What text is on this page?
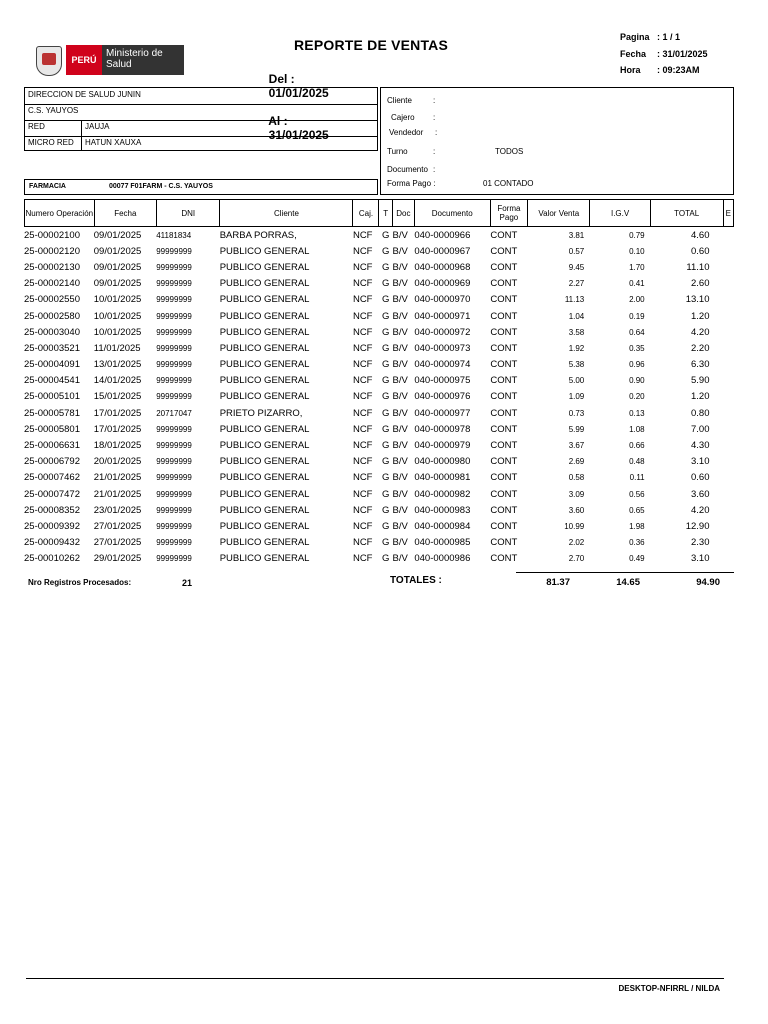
PERÚ
Ministerio de Salud
REPORTE DE VENTAS

Del :
01/01/2025

Al :
31/01/2025

Pagina : 1 / 1
Fecha : 31/01/2025
Hora : 09:23AM
DIRECCION DE SALUD JUNIN
C.S. YAUYOS
RED	JAUJA
MICRO RED HATUN XAUXA
FARMACIA	00077 F01FARM - C.S. YAUYOS
Cliente	:
Cajero :
Vendedor :
Turno	:	TODOS
Documento :
Forma Pago :	01 CONTADO
Numero Operación	Fecha	DNI	Cliente	Caj.	T	Doc	Documento	Forma Pago	Valor Venta	I.G.V	TOTAL	E
25-00002100	09/01/2025	41181834	BARBA PORRAS,	NCF	G	B/V	040-0000966	CONT	3.81	0.79	4.60	
25-00002120	09/01/2025	99999999	PUBLICO GENERAL	NCF	G	B/V	040-0000967	CONT	0.57	0.10	0.60	
25-00002130	09/01/2025	99999999	PUBLICO GENERAL	NCF	G	B/V	040-0000968	CONT	9.45	1.70	11.10	
25-00002140	09/01/2025	99999999	PUBLICO GENERAL	NCF	G	B/V	040-0000969	CONT	2.27	0.41	2.60	
25-00002550	10/01/2025	99999999	PUBLICO GENERAL	NCF	G	B/V	040-0000970	CONT	11.13	2.00	13.10	
25-00002580	10/01/2025	99999999	PUBLICO GENERAL	NCF	G	B/V	040-0000971	CONT	1.04	0.19	1.20	
25-00003040	10/01/2025	99999999	PUBLICO GENERAL	NCF	G	B/V	040-0000972	CONT	3.58	0.64	4.20	
25-00003521	11/01/2025	99999999	PUBLICO GENERAL	NCF	G	B/V	040-0000973	CONT	1.92	0.35	2.20	
25-00004091	13/01/2025	99999999	PUBLICO GENERAL	NCF	G	B/V	040-0000974	CONT	5.38	0.96	6.30	
25-00004541	14/01/2025	99999999	PUBLICO GENERAL	NCF	G	B/V	040-0000975	CONT	5.00	0.90	5.90	
25-00005101	15/01/2025	99999999	PUBLICO GENERAL	NCF	G	B/V	040-0000976	CONT	1.09	0.20	1.20	
25-00005781	17/01/2025	20717047	PRIETO PIZARRO,	NCF	G	B/V	040-0000977	CONT	0.73	0.13	0.80	
25-00005801	17/01/2025	99999999	PUBLICO GENERAL	NCF	G	B/V	040-0000978	CONT	5.99	1.08	7.00	
25-00006631	18/01/2025	99999999	PUBLICO GENERAL	NCF	G	B/V	040-0000979	CONT	3.67	0.66	4.30	
25-00006792	20/01/2025	99999999	PUBLICO GENERAL	NCF	G	B/V	040-0000980	CONT	2.69	0.48	3.10	
25-00007462	21/01/2025	99999999	PUBLICO GENERAL	NCF	G	B/V	040-0000981	CONT	0.58	0.11	0.60	
25-00007472	21/01/2025	99999999	PUBLICO GENERAL	NCF	G	B/V	040-0000982	CONT	3.09	0.56	3.60	
25-00008352	23/01/2025	99999999	PUBLICO GENERAL	NCF	G	B/V	040-0000983	CONT	3.60	0.65	4.20	
25-00009392	27/01/2025	99999999	PUBLICO GENERAL	NCF	G	B/V	040-0000984	CONT	10.99	1.98	12.90	
25-00009432	27/01/2025	99999999	PUBLICO GENERAL	NCF	G	B/V	040-0000985	CONT	2.02	0.36	2.30	
25-00010262	29/01/2025	99999999	PUBLICO GENERAL	NCF	G	B/V	040-0000986	CONT	2.70	0.49	3.10	
Nro Registros Procesados:	21	TOTALES :	81.37	14.65	94.90
DESKTOP-NFIRRL / NILDA
